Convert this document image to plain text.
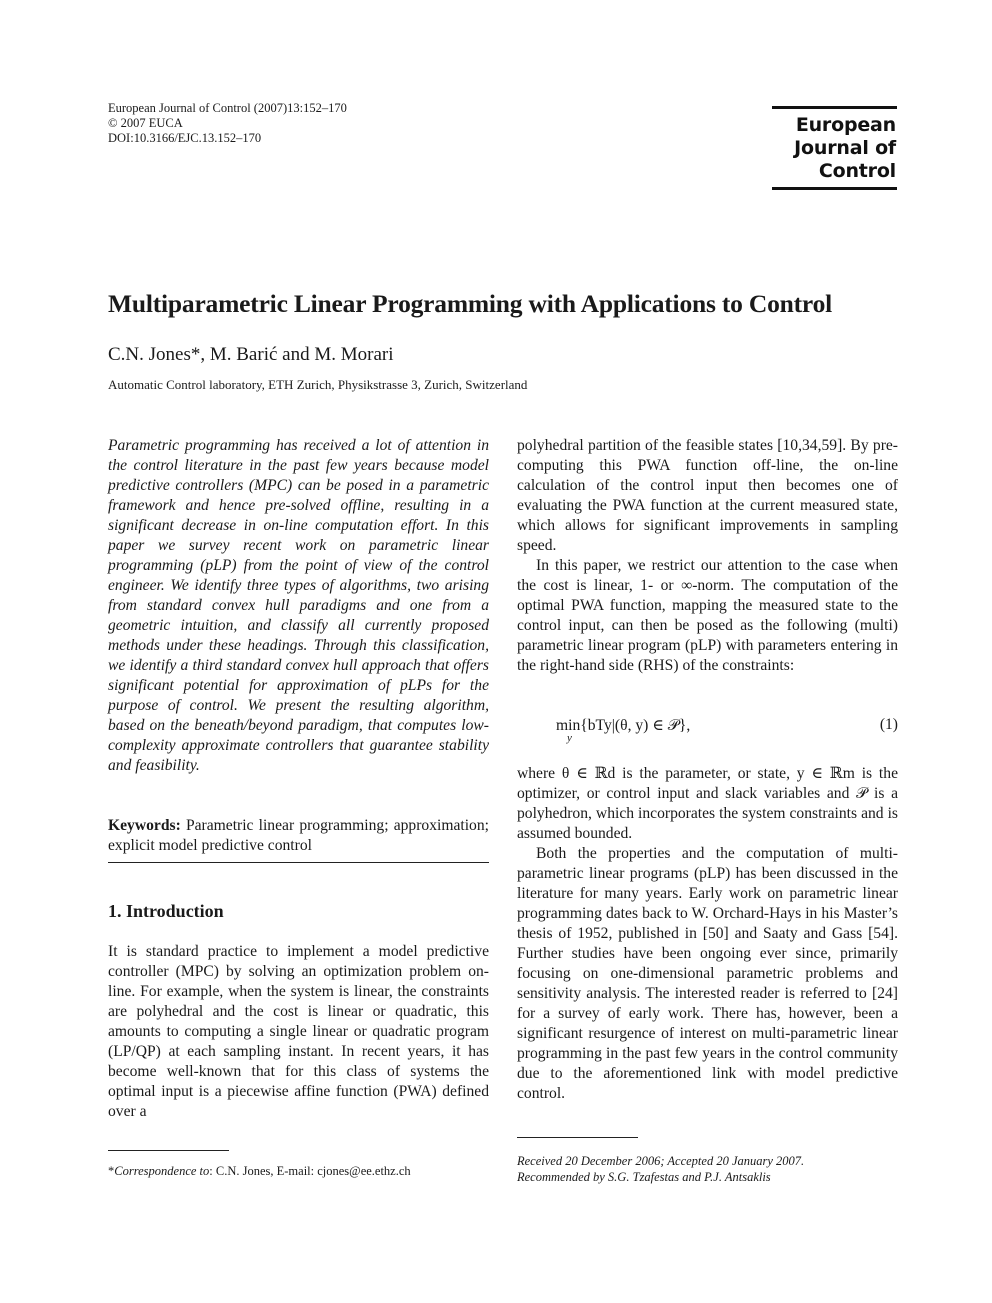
European Journal of Control (2007)13:152–170
© 2007 EUCA
DOI:10.3166/EJC.13.152–170
European
Journal of
Control
Multiparametric Linear Programming with Applications to Control
C.N. Jones*, M. Barić and M. Morari
Automatic Control laboratory, ETH Zurich, Physikstrasse 3, Zurich, Switzerland

Parametric programming has received a lot of attention in the control literature in the past few years because model predictive controllers (MPC) can be posed in a parametric framework and hence pre-solved offline, resulting in a significant decrease in on-line computation effort. In this paper we survey recent work on parametric linear programming (pLP) from the point of view of the control engineer. We identify three types of algorithms, two arising from standard convex hull paradigms and one from a geometric intuition, and classify all currently proposed methods under these headings. Through this classification, we identify a third standard convex hull approach that offers significant potential for approximation of pLPs for the purpose of control. We present the resulting algorithm, based on the beneath/beyond paradigm, that computes low-complexity approximate controllers that guarantee stability and feasibility.

Keywords: Parametric linear programming; approximation; explicit model predictive control

1. Introduction

It is standard practice to implement a model predictive controller (MPC) by solving an optimization problem on-line. For example, when the system is linear, the constraints are polyhedral and the cost is linear or quadratic, this amounts to computing a single linear or quadratic program (LP/QP) at each sampling instant. In recent years, it has become well-known that for this class of systems the optimal input is a piecewise affine function (PWA) defined over a

*Correspondence to: C.N. Jones, E-mail: cjones@ee.ethz.ch

polyhedral partition of the feasible states [10,34,59]. By pre-computing this PWA function off-line, the on-line calculation of the control input then becomes one of evaluating the PWA function at the current measured state, which allows for significant improvements in sampling speed.

In this paper, we restrict our attention to the case when the cost is linear, 1- or ∞-norm. The computation of the optimal PWA function, mapping the measured state to the control input, can then be posed as the following (multi) parametric linear program (pLP) with parameters entering in the right-hand side (RHS) of the constraints:

min{bTy|(θ, y) ∈ 𝒫},
y
(1)

where θ ∈ ℝd is the parameter, or state, y ∈ ℝm is the optimizer, or control input and slack variables and 𝒫 is a polyhedron, which incorporates the system constraints and is assumed bounded.

Both the properties and the computation of multi-parametric linear programs (pLP) has been discussed in the literature for many years. Early work on parametric linear programming dates back to W. Orchard-Hays in his Master’s thesis of 1952, published in [50] and Saaty and Gass [54]. Further studies have been ongoing ever since, primarily focusing on one-dimensional parametric problems and sensitivity analysis. The interested reader is referred to [24] for a survey of early work. There has, however, been a significant resurgence of interest on multi-parametric linear programming in the past few years in the control community due to the aforementioned link with model predictive control.

Received 20 December 2006; Accepted 20 January 2007.
Recommended by S.G. Tzafestas and P.J. Antsaklis
